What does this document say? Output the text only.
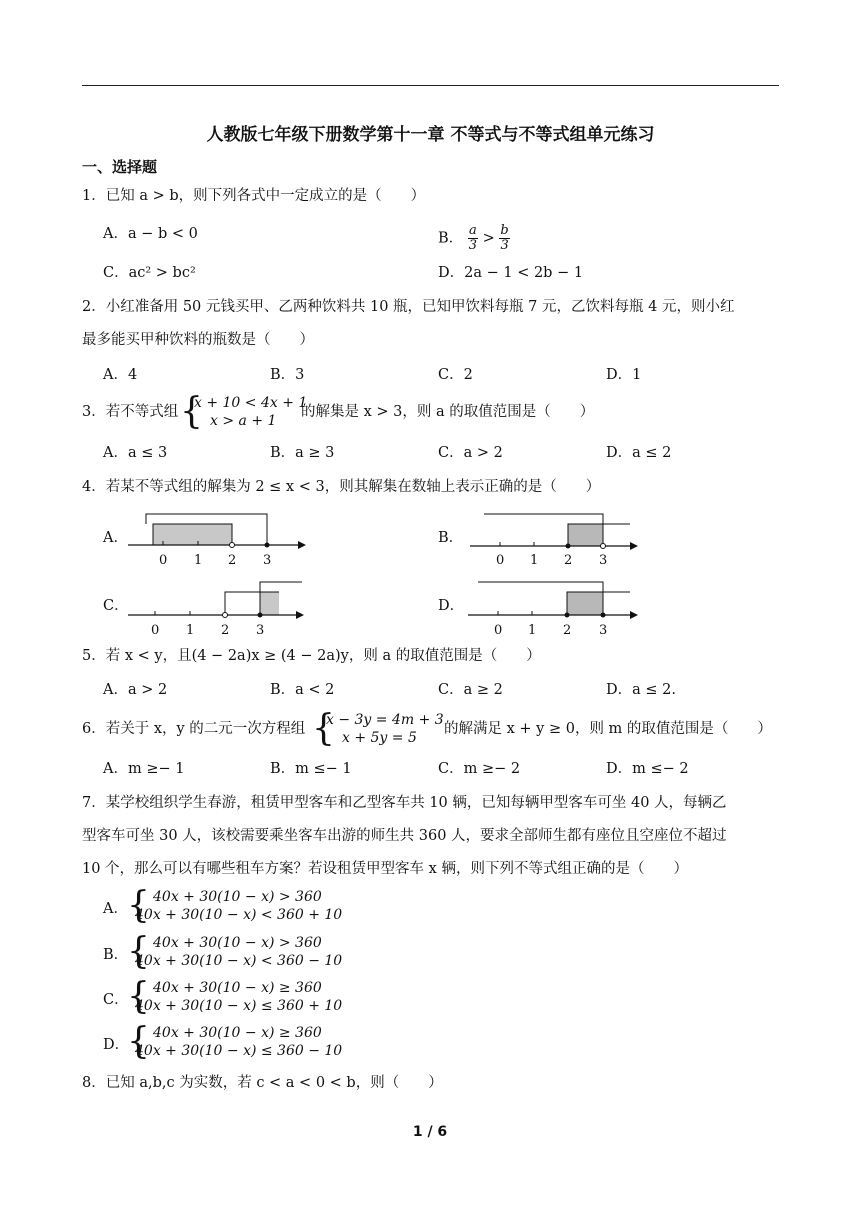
人教版七年级下册数学第十一章 不等式与不等式组单元练习
一、选择题
1．已知 a > b，则下列各式中一定成立的是（　　）
A．a − b < 0	B． $\frac{a}{3} > \frac{b}{3}$
C．ac² > bc²	D．2a − 1 < 2b − 1
2．小红准备用 50 元钱买甲、乙两种饮料共 10 瓶，已知甲饮料每瓶 7 元，乙饮料每瓶 4 元，则小红
最多能买甲种饮料的瓶数是（　　）
A．4	B．3	C．2	D．1
3．若不等式组 {
x + 10 < 4x + 1
x > a + 1
的解集是 x > 3，则 a 的取值范围是（　　）
A．a ≤ 3	B．a ≥ 3	C．a > 2	D．a ≤ 2
4．若某不等式组的解集为 2 ≤ x < 3，则其解集在数轴上表示正确的是（　　）
A．	B．
C．	D．
0 1 2 3	0 1 2 3
0 1 2 3	0 1 2 3
5．若 x < y，且(4 − 2a)x ≥ (4 − 2a)y，则 a 的取值范围是（　　）
A．a > 2	B．a < 2	C．a ≥ 2	D．a ≤ 2.
6．若关于 x，y 的二元一次方程组 {
x − 3y = 4m + 3
x + 5y = 5
的解满足 x + y ≥ 0，则 m 的取值范围是（　　）
A．m ≥− 1	B．m ≤− 1	C．m ≥− 2	D．m ≤− 2
7．某学校组织学生春游，租赁甲型客车和乙型客车共 10 辆，已知每辆甲型客车可坐 40 人，每辆乙
型客车可坐 30 人，该校需要乘坐客车出游的师生共 360 人，要求全部师生都有座位且空座位不超过
10 个，那么可以有哪些租车方案？若设租赁甲型客车 x 辆，则下列不等式组正确的是（　　）
A． { 40x + 30(10 − x) > 360
40x + 30(10 − x) < 360 + 10
B．
{ 40x + 30(10 − x) > 360
40x + 30(10 − x) < 360 − 10
C．
{ 40x + 30(10 − x) ≥ 360
40x + 30(10 − x) ≤ 360 + 10
D．
{ 40x + 30(10 − x) ≥ 360
40x + 30(10 − x) ≤ 360 − 10
8．已知 a,b,c 为实数，若 c < a < 0 < b，则（　　）
1 / 6
